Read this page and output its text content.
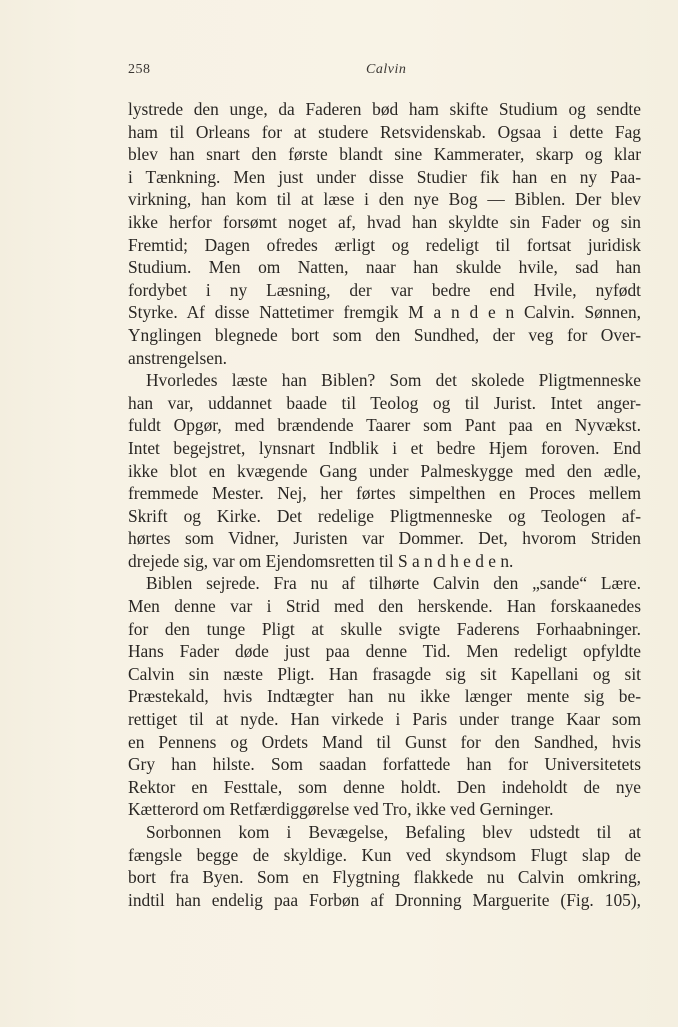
258	Calvin
lystrede den unge, da Faderen bød ham skifte Studium og sendte
ham til Orleans for at studere Retsvidenskab. Ogsaa i dette Fag
blev han snart den første blandt sine Kammerater, skarp og klar
i Tænkning. Men just under disse Studier fik han en ny Paa-
virkning, han kom til at læse i den nye Bog — Biblen. Der blev
ikke herfor forsømt noget af, hvad han skyldte sin Fader og sin
Fremtid; Dagen ofredes ærligt og redeligt til fortsat juridisk
Studium. Men om Natten, naar han skulde hvile, sad han
fordybet i ny Læsning, der var bedre end Hvile, nyfødt
Styrke. Af disse Nattetimer fremgik M a n d e n Calvin. Sønnen,
Ynglingen blegnede bort som den Sundhed, der veg for Over-
anstrengelsen.
Hvorledes læste han Biblen? Som det skolede Pligtmenneske
han var, uddannet baade til Teolog og til Jurist. Intet anger-
fuldt Opgør, med brændende Taarer som Pant paa en Nyvækst.
Intet begejstret, lynsnart Indblik i et bedre Hjem foroven. End
ikke blot en kvægende Gang under Palmeskygge med den ædle,
fremmede Mester. Nej, her førtes simpelthen en Proces mellem
Skrift og Kirke. Det redelige Pligtmenneske og Teologen af-
hørtes som Vidner, Juristen var Dommer. Det, hvorom Striden
drejede sig, var om Ejendomsretten til S a n d h e d e n.
Biblen sejrede. Fra nu af tilhørte Calvin den „sande“ Lære.
Men denne var i Strid med den herskende. Han forskaanedes
for den tunge Pligt at skulle svigte Faderens Forhaabninger.
Hans Fader døde just paa denne Tid. Men redeligt opfyldte
Calvin sin næste Pligt. Han frasagde sig sit Kapellani og sit
Præstekald, hvis Indtægter han nu ikke længer mente sig be-
rettiget til at nyde. Han virkede i Paris under trange Kaar som
en Pennens og Ordets Mand til Gunst for den Sandhed, hvis
Gry han hilste. Som saadan forfattede han for Universitetets
Rektor en Festtale, som denne holdt. Den indeholdt de nye
Kætterord om Retfærdiggørelse ved Tro, ikke ved Gerninger.
Sorbonnen kom i Bevægelse, Befaling blev udstedt til at
fængsle begge de skyldige. Kun ved skyndsom Flugt slap de
bort fra Byen. Som en Flygtning flakkede nu Calvin omkring,
indtil han endelig paa Forbøn af Dronning Marguerite (Fig. 105),
